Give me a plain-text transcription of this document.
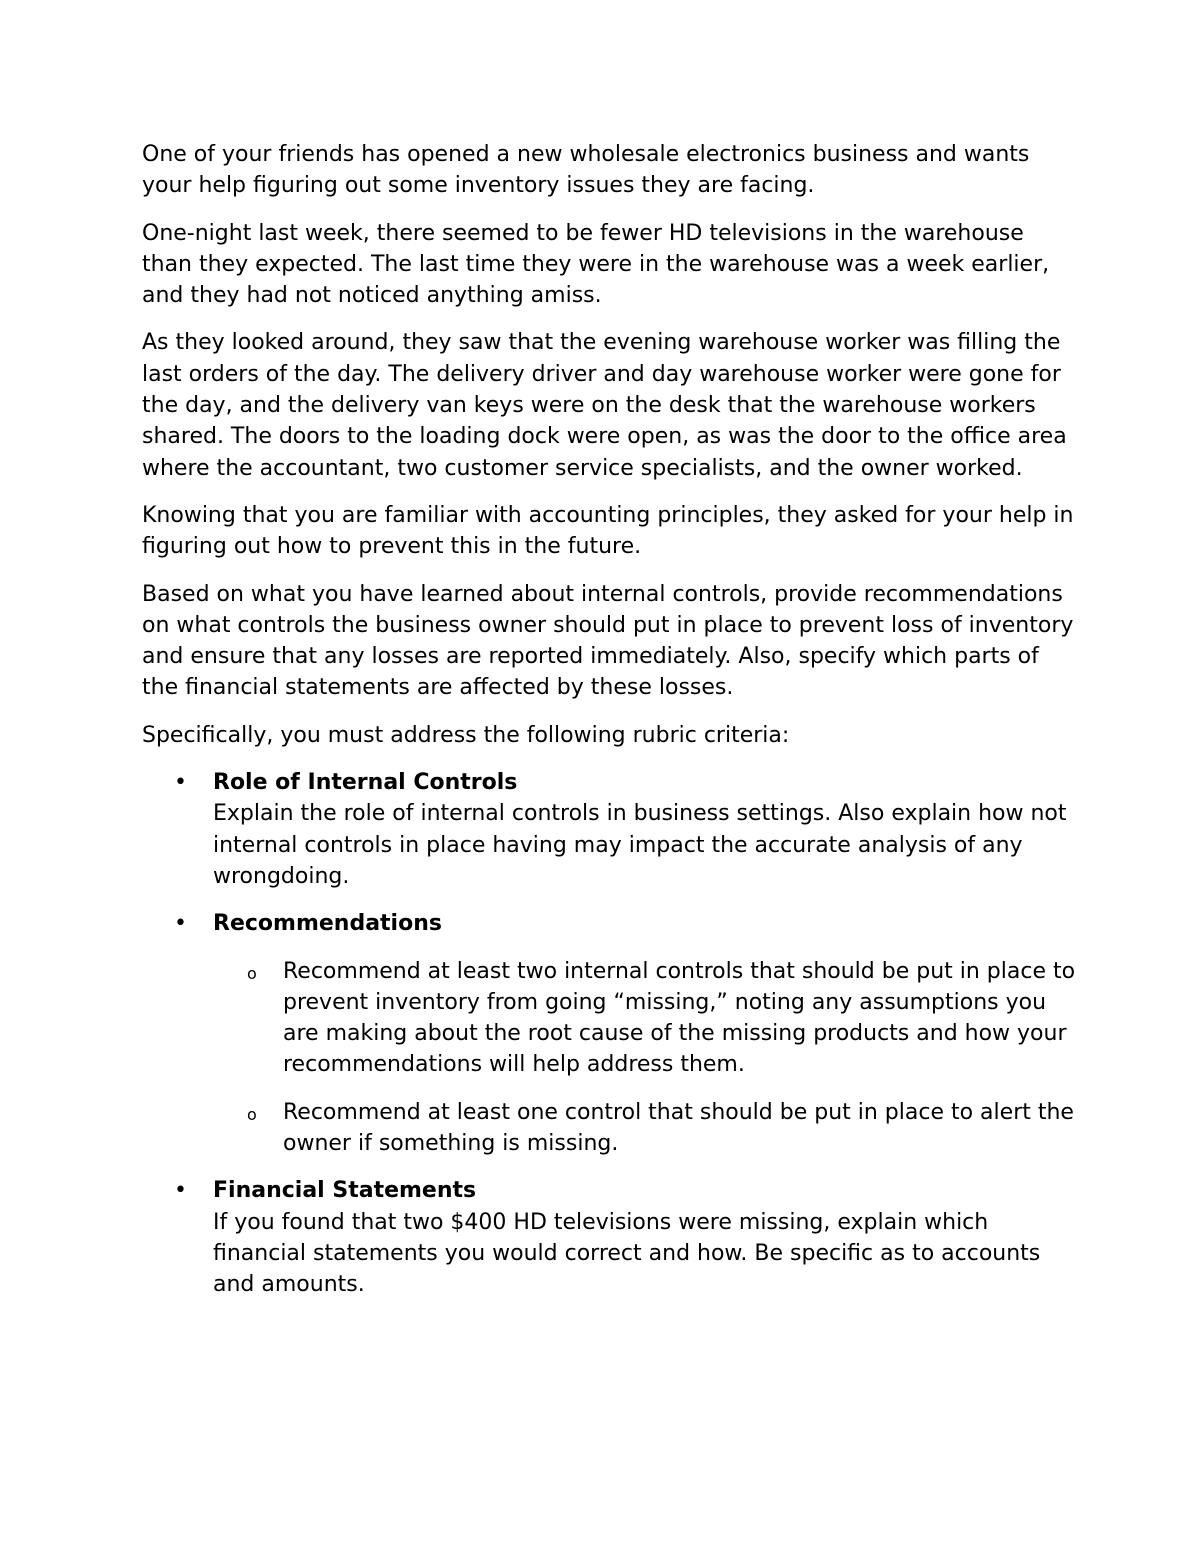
One of your friends has opened a new wholesale electronics business and wants your help figuring out some inventory issues they are facing.

One-night last week, there seemed to be fewer HD televisions in the warehouse than they expected. The last time they were in the warehouse was a week earlier, and they had not noticed anything amiss.

As they looked around, they saw that the evening warehouse worker was filling the last orders of the day. The delivery driver and day warehouse worker were gone for the day, and the delivery van keys were on the desk that the warehouse workers shared. The doors to the loading dock were open, as was the door to the office area where the accountant, two customer service specialists, and the owner worked.

Knowing that you are familiar with accounting principles, they asked for your help in figuring out how to prevent this in the future.

Based on what you have learned about internal controls, provide recommendations on what controls the business owner should put in place to prevent loss of inventory and ensure that any losses are reported immediately. Also, specify which parts of the financial statements are affected by these losses.

Specifically, you must address the following rubric criteria:

• Role of Internal Controls
Explain the role of internal controls in business settings. Also explain how not internal controls in place having may impact the accurate analysis of any wrongdoing.
• Recommendations
o Recommend at least two internal controls that should be put in place to prevent inventory from going “missing,” noting any assumptions you are making about the root cause of the missing products and how your recommendations will help address them.
o Recommend at least one control that should be put in place to alert the owner if something is missing.
• Financial Statements
If you found that two $400 HD televisions were missing, explain which financial statements you would correct and how. Be specific as to accounts and amounts.
